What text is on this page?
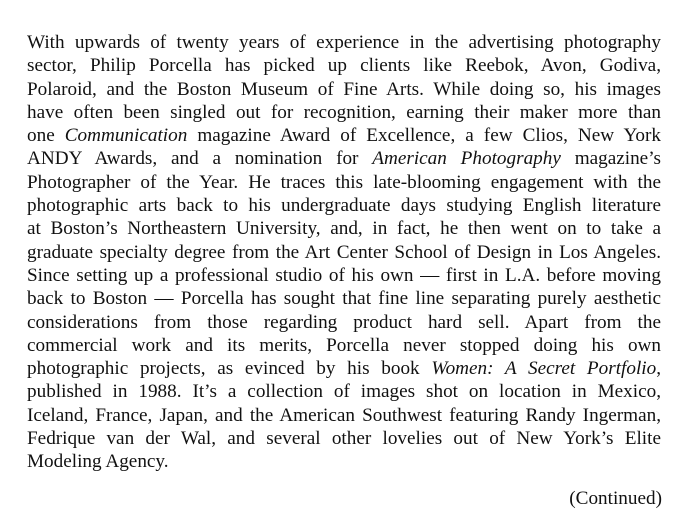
With upwards of twenty years of experience in the advertising photography
sector, Philip Porcella has picked up clients like Reebok, Avon, Godiva,
Polaroid, and the Boston Museum of Fine Arts. While doing so, his images
have often been singled out for recognition, earning their maker more than
one Communication magazine Award of Excellence, a few Clios, New York
ANDY Awards, and a nomination for American Photography magazine’s
Photographer of the Year. He traces this late-blooming engagement with the
photographic arts back to his undergraduate days studying English literature
at Boston’s Northeastern University, and, in fact, he then went on to take a
graduate specialty degree from the Art Center School of Design in Los Angeles.
Since setting up a professional studio of his own — first in L.A. before moving
back to Boston — Porcella has sought that fine line separating purely aesthetic
considerations from those regarding product hard sell. Apart from the
commercial work and its merits, Porcella never stopped doing his own
photographic projects, as evinced by his book Women: A Secret Portfolio,
published in 1988. It’s a collection of images shot on location in Mexico,
Iceland, France, Japan, and the American Southwest featuring Randy Ingerman,
Fedrique van der Wal, and several other lovelies out of New York’s Elite
Modeling Agency.
(Continued)
